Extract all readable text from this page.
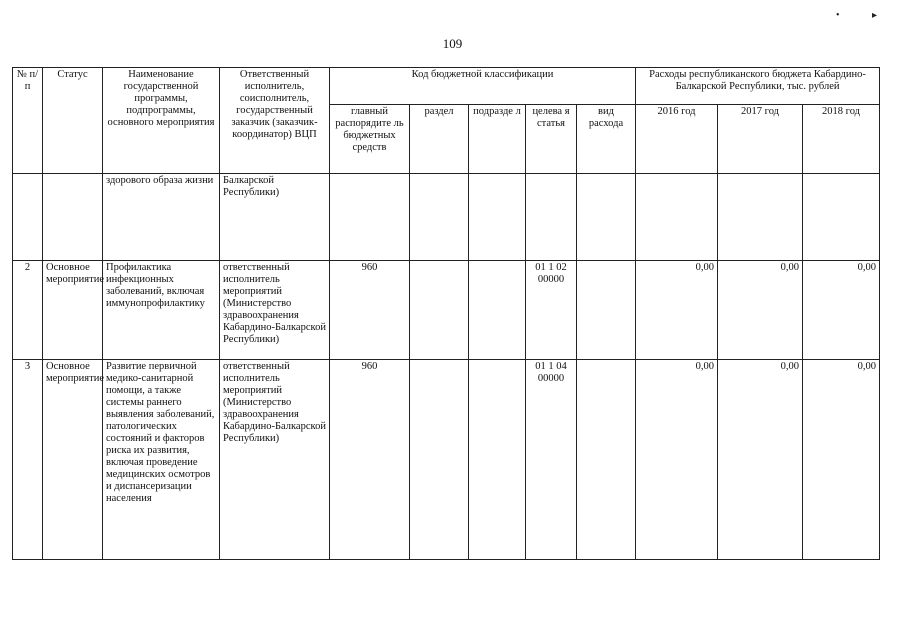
109
•	▸
№ п/п	Статус	Наименование государственной программы, подпрограммы, основного мероприятия	Ответственный исполнитель, соисполнитель, государственный заказчик (заказчик-координатор) ВЦП	Код бюджетной классификации					Расходы республиканского бюджета Кабардино-Балкарской Республики, тыс. рублей		
				главный распорядите ль бюджетных средств	раздел	подразде л	целева я статья	вид расхода	2016 год	2017 год	2018 год
		здорового образа жизни	Балкарской Республики)								
2	Основное мероприятие	Профилактика инфекционных заболеваний, включая иммунопрофилактику	ответственный исполнитель мероприятий (Министерство здравоохранения Кабардино-Балкарской Республики)	960			01 1 02 00000		0,00	0,00	0,00
3	Основное мероприятие	Развитие первичной медико-санитарной помощи, а также системы раннего выявления заболеваний, патологических состояний и факторов риска их развития, включая проведение медицинских осмотров и диспансеризации населения	ответственный исполнитель мероприятий (Министерство здравоохранения Кабардино-Балкарской Республики)	960			01 1 04 00000		0,00	0,00	0,00
